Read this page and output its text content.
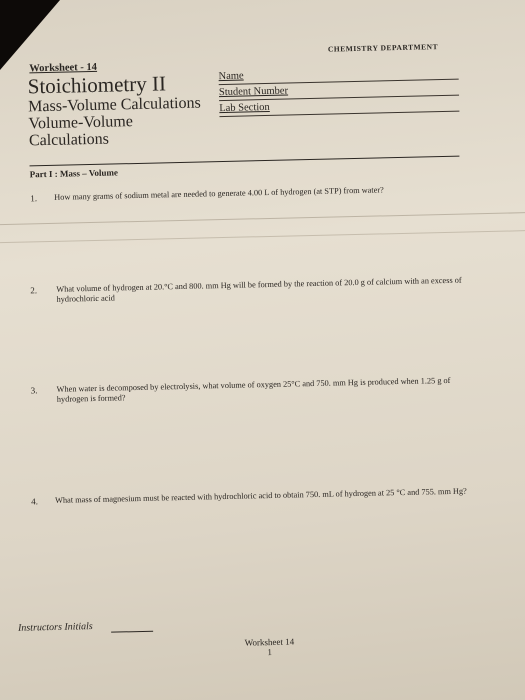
CHEMISTRY DEPARTMENT
Worksheet - 14
Stoichiometry II
Mass-Volume Calculations
Volume-Volume
Calculations
Name
Student Number
Lab Section
Part I : Mass – Volume
1. How many grams of sodium metal are needed to generate 4.00 L of hydrogen (at STP) from water?
2. What volume of hydrogen at 20.°C and 800. mm Hg will be formed by the reaction of 20.0 g of calcium with an excess of hydrochloric acid
3. When water is decomposed by electrolysis, what volume of oxygen 25°C and 750. mm Hg is produced when 1.25 g of hydrogen is formed?
4. What mass of magnesium must be reacted with hydrochloric acid to obtain 750. mL of hydrogen at 25 °C and 755. mm Hg?
Instructors Initials
Worksheet 14
1
